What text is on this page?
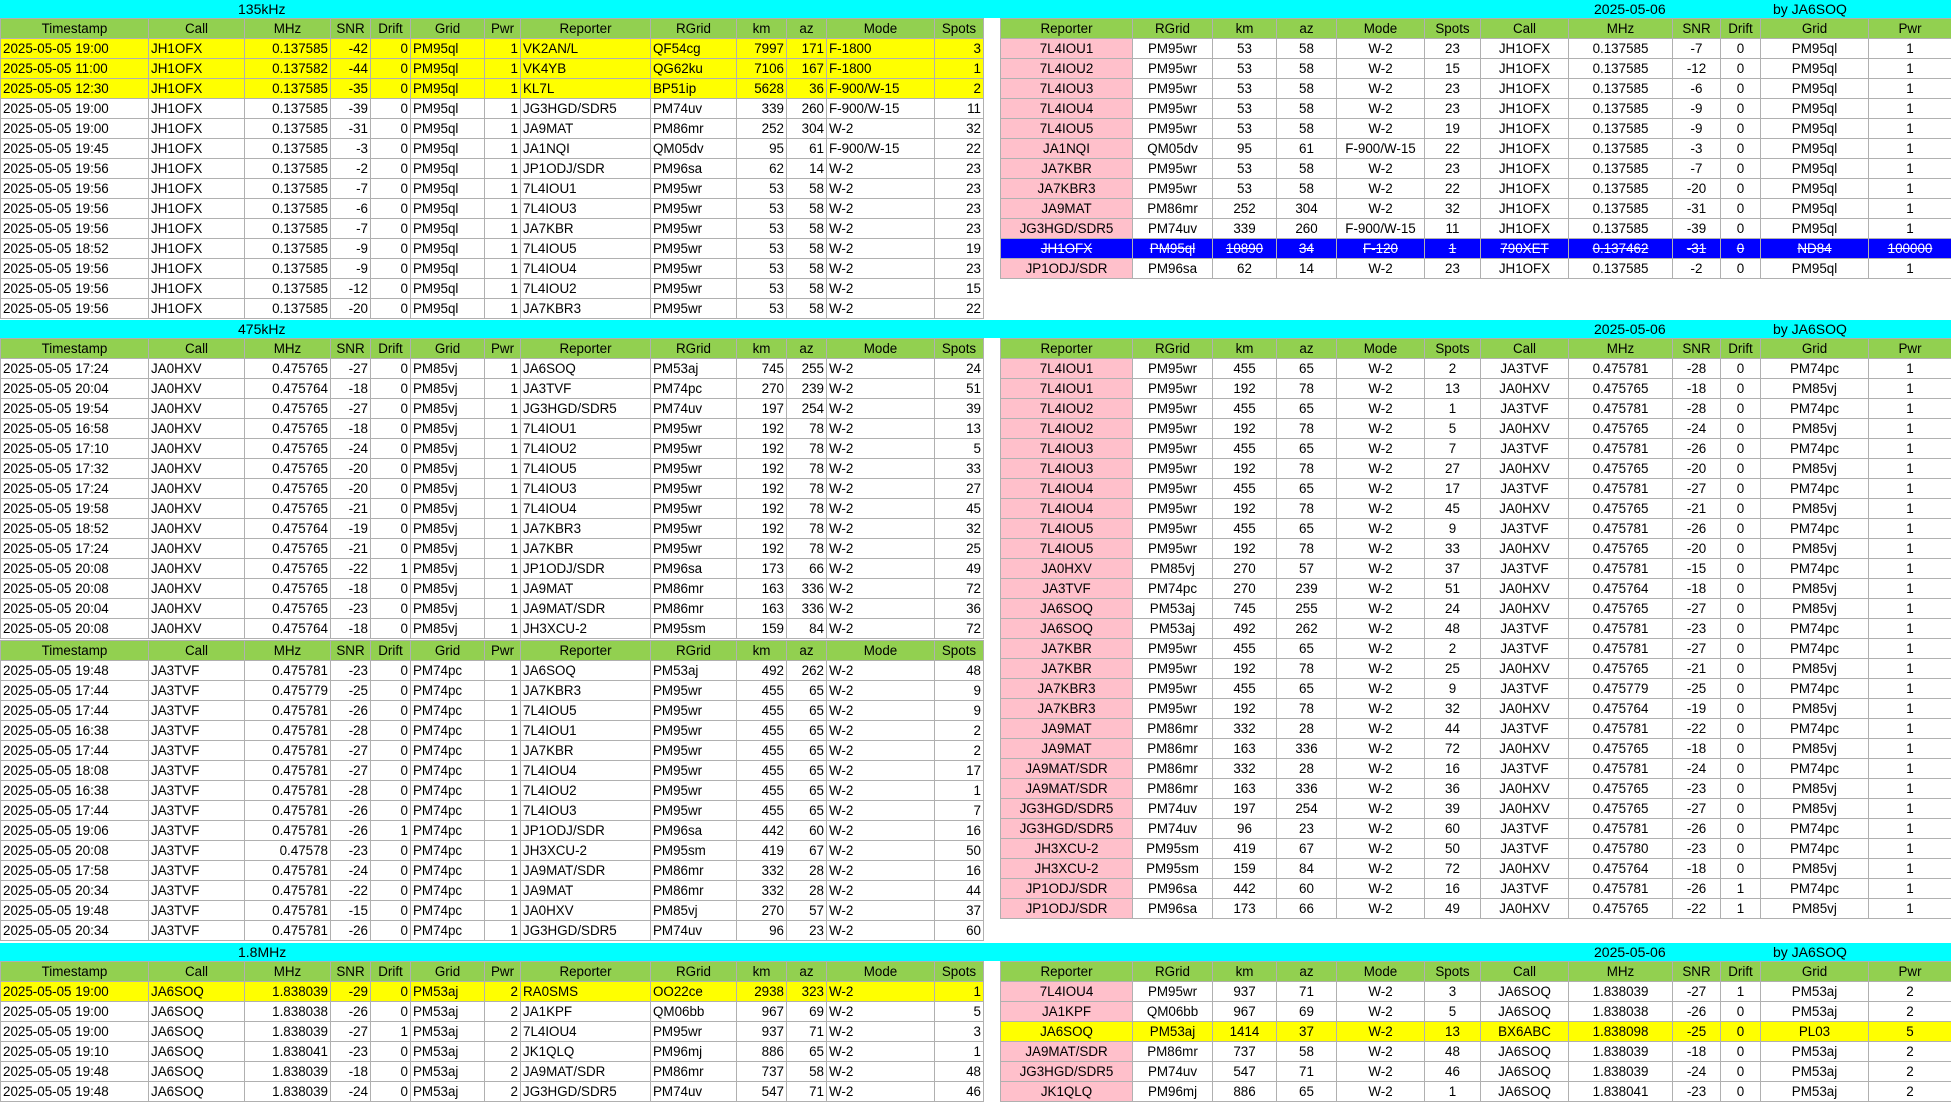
135kHz	2025-05-06	by JA6SOQ
Timestamp	Call	MHz	SNR	Drift	Grid	Pwr	Reporter	RGrid	km	az	Mode	Spots
2025-05-05 19:00	JH1OFX	0.137585	-42	0	PM95ql	1	VK2AN/L	QF54cg	7997	171	F-1800	3
2025-05-05 11:00	JH1OFX	0.137582	-44	0	PM95ql	1	VK4YB	QG62ku	7106	167	F-1800	1
2025-05-05 12:30	JH1OFX	0.137585	-35	0	PM95ql	1	KL7L	BP51ip	5628	36	F-900/W-15	2
2025-05-05 19:00	JH1OFX	0.137585	-39	0	PM95ql	1	JG3HGD/SDR5	PM74uv	339	260	F-900/W-15	11
2025-05-05 19:00	JH1OFX	0.137585	-31	0	PM95ql	1	JA9MAT	PM86mr	252	304	W-2	32
2025-05-05 19:45	JH1OFX	0.137585	-3	0	PM95ql	1	JA1NQI	QM05dv	95	61	F-900/W-15	22
2025-05-05 19:56	JH1OFX	0.137585	-2	0	PM95ql	1	JP1ODJ/SDR	PM96sa	62	14	W-2	23
2025-05-05 19:56	JH1OFX	0.137585	-7	0	PM95ql	1	7L4IOU1	PM95wr	53	58	W-2	23
2025-05-05 19:56	JH1OFX	0.137585	-6	0	PM95ql	1	7L4IOU3	PM95wr	53	58	W-2	23
2025-05-05 19:56	JH1OFX	0.137585	-7	0	PM95ql	1	JA7KBR	PM95wr	53	58	W-2	23
2025-05-05 18:52	JH1OFX	0.137585	-9	0	PM95ql	1	7L4IOU5	PM95wr	53	58	W-2	19
2025-05-05 19:56	JH1OFX	0.137585	-9	0	PM95ql	1	7L4IOU4	PM95wr	53	58	W-2	23
2025-05-05 19:56	JH1OFX	0.137585	-12	0	PM95ql	1	7L4IOU2	PM95wr	53	58	W-2	15
2025-05-05 19:56	JH1OFX	0.137585	-20	0	PM95ql	1	JA7KBR3	PM95wr	53	58	W-2	22
Reporter	RGrid	km	az	Mode	Spots	Call	MHz	SNR	Drift	Grid	Pwr
7L4IOU1	PM95wr	53	58	W-2	23	JH1OFX	0.137585	-7	0	PM95ql	1
7L4IOU2	PM95wr	53	58	W-2	15	JH1OFX	0.137585	-12	0	PM95ql	1
7L4IOU3	PM95wr	53	58	W-2	23	JH1OFX	0.137585	-6	0	PM95ql	1
7L4IOU4	PM95wr	53	58	W-2	23	JH1OFX	0.137585	-9	0	PM95ql	1
7L4IOU5	PM95wr	53	58	W-2	19	JH1OFX	0.137585	-9	0	PM95ql	1
JA1NQI	QM05dv	95	61	F-900/W-15	22	JH1OFX	0.137585	-3	0	PM95ql	1
JA7KBR	PM95wr	53	58	W-2	23	JH1OFX	0.137585	-7	0	PM95ql	1
JA7KBR3	PM95wr	53	58	W-2	22	JH1OFX	0.137585	-20	0	PM95ql	1
JA9MAT	PM86mr	252	304	W-2	32	JH1OFX	0.137585	-31	0	PM95ql	1
JG3HGD/SDR5	PM74uv	339	260	F-900/W-15	11	JH1OFX	0.137585	-39	0	PM95ql	1
JH1OFX	PM95ql	10890	34	F-120	1	790XET	0.137462	-31	0	ND84	100000
JP1ODJ/SDR	PM96sa	62	14	W-2	23	JH1OFX	0.137585	-2	0	PM95ql	1
475kHz	2025-05-06	by JA6SOQ
Timestamp	Call	MHz	SNR	Drift	Grid	Pwr	Reporter	RGrid	km	az	Mode	Spots
2025-05-05 17:24	JA0HXV	0.475765	-27	0	PM85vj	1	JA6SOQ	PM53aj	745	255	W-2	24
2025-05-05 20:04	JA0HXV	0.475764	-18	0	PM85vj	1	JA3TVF	PM74pc	270	239	W-2	51
2025-05-05 19:54	JA0HXV	0.475765	-27	0	PM85vj	1	JG3HGD/SDR5	PM74uv	197	254	W-2	39
2025-05-05 16:58	JA0HXV	0.475765	-18	0	PM85vj	1	7L4IOU1	PM95wr	192	78	W-2	13
2025-05-05 17:10	JA0HXV	0.475765	-24	0	PM85vj	1	7L4IOU2	PM95wr	192	78	W-2	5
2025-05-05 17:32	JA0HXV	0.475765	-20	0	PM85vj	1	7L4IOU5	PM95wr	192	78	W-2	33
2025-05-05 17:24	JA0HXV	0.475765	-20	0	PM85vj	1	7L4IOU3	PM95wr	192	78	W-2	27
2025-05-05 19:58	JA0HXV	0.475765	-21	0	PM85vj	1	7L4IOU4	PM95wr	192	78	W-2	45
2025-05-05 18:52	JA0HXV	0.475764	-19	0	PM85vj	1	JA7KBR3	PM95wr	192	78	W-2	32
2025-05-05 17:24	JA0HXV	0.475765	-21	0	PM85vj	1	JA7KBR	PM95wr	192	78	W-2	25
2025-05-05 20:08	JA0HXV	0.475765	-22	1	PM85vj	1	JP1ODJ/SDR	PM96sa	173	66	W-2	49
2025-05-05 20:08	JA0HXV	0.475765	-18	0	PM85vj	1	JA9MAT	PM86mr	163	336	W-2	72
2025-05-05 20:04	JA0HXV	0.475765	-23	0	PM85vj	1	JA9MAT/SDR	PM86mr	163	336	W-2	36
2025-05-05 20:08	JA0HXV	0.475764	-18	0	PM85vj	1	JH3XCU-2	PM95sm	159	84	W-2	72
Timestamp	Call	MHz	SNR	Drift	Grid	Pwr	Reporter	RGrid	km	az	Mode	Spots
2025-05-05 19:48	JA3TVF	0.475781	-23	0	PM74pc	1	JA6SOQ	PM53aj	492	262	W-2	48
2025-05-05 17:44	JA3TVF	0.475779	-25	0	PM74pc	1	JA7KBR3	PM95wr	455	65	W-2	9
2025-05-05 17:44	JA3TVF	0.475781	-26	0	PM74pc	1	7L4IOU5	PM95wr	455	65	W-2	9
2025-05-05 16:38	JA3TVF	0.475781	-28	0	PM74pc	1	7L4IOU1	PM95wr	455	65	W-2	2
2025-05-05 17:44	JA3TVF	0.475781	-27	0	PM74pc	1	JA7KBR	PM95wr	455	65	W-2	2
2025-05-05 18:08	JA3TVF	0.475781	-27	0	PM74pc	1	7L4IOU4	PM95wr	455	65	W-2	17
2025-05-05 16:38	JA3TVF	0.475781	-28	0	PM74pc	1	7L4IOU2	PM95wr	455	65	W-2	1
2025-05-05 17:44	JA3TVF	0.475781	-26	0	PM74pc	1	7L4IOU3	PM95wr	455	65	W-2	7
2025-05-05 19:06	JA3TVF	0.475781	-26	1	PM74pc	1	JP1ODJ/SDR	PM96sa	442	60	W-2	16
2025-05-05 20:08	JA3TVF	0.47578	-23	0	PM74pc	1	JH3XCU-2	PM95sm	419	67	W-2	50
2025-05-05 17:58	JA3TVF	0.475781	-24	0	PM74pc	1	JA9MAT/SDR	PM86mr	332	28	W-2	16
2025-05-05 20:34	JA3TVF	0.475781	-22	0	PM74pc	1	JA9MAT	PM86mr	332	28	W-2	44
2025-05-05 19:48	JA3TVF	0.475781	-15	0	PM74pc	1	JA0HXV	PM85vj	270	57	W-2	37
2025-05-05 20:34	JA3TVF	0.475781	-26	0	PM74pc	1	JG3HGD/SDR5	PM74uv	96	23	W-2	60
Reporter	RGrid	km	az	Mode	Spots	Call	MHz	SNR	Drift	Grid	Pwr
7L4IOU1	PM95wr	455	65	W-2	2	JA3TVF	0.475781	-28	0	PM74pc	1
7L4IOU1	PM95wr	192	78	W-2	13	JA0HXV	0.475765	-18	0	PM85vj	1
7L4IOU2	PM95wr	455	65	W-2	1	JA3TVF	0.475781	-28	0	PM74pc	1
7L4IOU2	PM95wr	192	78	W-2	5	JA0HXV	0.475765	-24	0	PM85vj	1
7L4IOU3	PM95wr	455	65	W-2	7	JA3TVF	0.475781	-26	0	PM74pc	1
7L4IOU3	PM95wr	192	78	W-2	27	JA0HXV	0.475765	-20	0	PM85vj	1
7L4IOU4	PM95wr	455	65	W-2	17	JA3TVF	0.475781	-27	0	PM74pc	1
7L4IOU4	PM95wr	192	78	W-2	45	JA0HXV	0.475765	-21	0	PM85vj	1
7L4IOU5	PM95wr	455	65	W-2	9	JA3TVF	0.475781	-26	0	PM74pc	1
7L4IOU5	PM95wr	192	78	W-2	33	JA0HXV	0.475765	-20	0	PM85vj	1
JA0HXV	PM85vj	270	57	W-2	37	JA3TVF	0.475781	-15	0	PM74pc	1
JA3TVF	PM74pc	270	239	W-2	51	JA0HXV	0.475764	-18	0	PM85vj	1
JA6SOQ	PM53aj	745	255	W-2	24	JA0HXV	0.475765	-27	0	PM85vj	1
JA6SOQ	PM53aj	492	262	W-2	48	JA3TVF	0.475781	-23	0	PM74pc	1
JA7KBR	PM95wr	455	65	W-2	2	JA3TVF	0.475781	-27	0	PM74pc	1
JA7KBR	PM95wr	192	78	W-2	25	JA0HXV	0.475765	-21	0	PM85vj	1
JA7KBR3	PM95wr	455	65	W-2	9	JA3TVF	0.475779	-25	0	PM74pc	1
JA7KBR3	PM95wr	192	78	W-2	32	JA0HXV	0.475764	-19	0	PM85vj	1
JA9MAT	PM86mr	332	28	W-2	44	JA3TVF	0.475781	-22	0	PM74pc	1
JA9MAT	PM86mr	163	336	W-2	72	JA0HXV	0.475765	-18	0	PM85vj	1
JA9MAT/SDR	PM86mr	332	28	W-2	16	JA3TVF	0.475781	-24	0	PM74pc	1
JA9MAT/SDR	PM86mr	163	336	W-2	36	JA0HXV	0.475765	-23	0	PM85vj	1
JG3HGD/SDR5	PM74uv	197	254	W-2	39	JA0HXV	0.475765	-27	0	PM85vj	1
JG3HGD/SDR5	PM74uv	96	23	W-2	60	JA3TVF	0.475781	-26	0	PM74pc	1
JH3XCU-2	PM95sm	419	67	W-2	50	JA3TVF	0.475780	-23	0	PM74pc	1
JH3XCU-2	PM95sm	159	84	W-2	72	JA0HXV	0.475764	-18	0	PM85vj	1
JP1ODJ/SDR	PM96sa	442	60	W-2	16	JA3TVF	0.475781	-26	1	PM74pc	1
JP1ODJ/SDR	PM96sa	173	66	W-2	49	JA0HXV	0.475765	-22	1	PM85vj	1
1.8MHz	2025-05-06	by JA6SOQ
Timestamp	Call	MHz	SNR	Drift	Grid	Pwr	Reporter	RGrid	km	az	Mode	Spots
2025-05-05 19:00	JA6SOQ	1.838039	-29	0	PM53aj	2	RA0SMS	OO22ce	2938	323	W-2	1
2025-05-05 19:00	JA6SOQ	1.838038	-26	0	PM53aj	2	JA1KPF	QM06bb	967	69	W-2	5
2025-05-05 19:00	JA6SOQ	1.838039	-27	1	PM53aj	2	7L4IOU4	PM95wr	937	71	W-2	3
2025-05-05 19:10	JA6SOQ	1.838041	-23	0	PM53aj	2	JK1QLQ	PM96mj	886	65	W-2	1
2025-05-05 19:48	JA6SOQ	1.838039	-18	0	PM53aj	2	JA9MAT/SDR	PM86mr	737	58	W-2	48
2025-05-05 19:48	JA6SOQ	1.838039	-24	0	PM53aj	2	JG3HGD/SDR5	PM74uv	547	71	W-2	46
Reporter	RGrid	km	az	Mode	Spots	Call	MHz	SNR	Drift	Grid	Pwr
7L4IOU4	PM95wr	937	71	W-2	3	JA6SOQ	1.838039	-27	1	PM53aj	2
JA1KPF	QM06bb	967	69	W-2	5	JA6SOQ	1.838038	-26	0	PM53aj	2
JA6SOQ	PM53aj	1414	37	W-2	13	BX6ABC	1.838098	-25	0	PL03	5
JA9MAT/SDR	PM86mr	737	58	W-2	48	JA6SOQ	1.838039	-18	0	PM53aj	2
JG3HGD/SDR5	PM74uv	547	71	W-2	46	JA6SOQ	1.838039	-24	0	PM53aj	2
JK1QLQ	PM96mj	886	65	W-2	1	JA6SOQ	1.838041	-23	0	PM53aj	2
